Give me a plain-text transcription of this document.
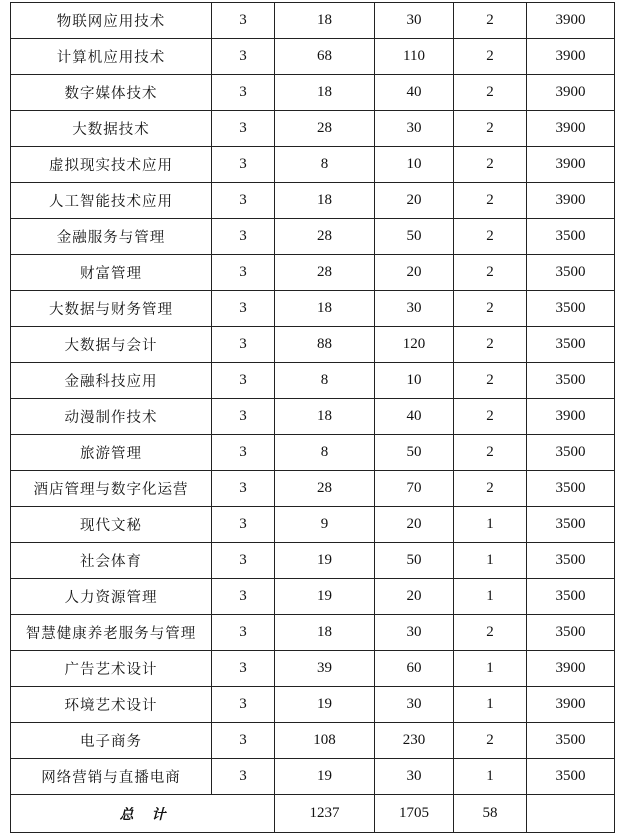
物联网应用技术	3	18	30	2	3900
计算机应用技术	3	68	110	2	3900
数字媒体技术	3	18	40	2	3900
大数据技术	3	28	30	2	3900
虚拟现实技术应用	3	8	10	2	3900
人工智能技术应用	3	18	20	2	3900
金融服务与管理	3	28	50	2	3500
财富管理	3	28	20	2	3500
大数据与财务管理	3	18	30	2	3500
大数据与会计	3	88	120	2	3500
金融科技应用	3	8	10	2	3500
动漫制作技术	3	18	40	2	3900
旅游管理	3	8	50	2	3500
酒店管理与数字化运营	3	28	70	2	3500
现代文秘	3	9	20	1	3500
社会体育	3	19	50	1	3500
人力资源管理	3	19	20	1	3500
智慧健康养老服务与管理	3	18	30	2	3500
广告艺术设计	3	39	60	1	3900
环境艺术设计	3	19	30	1	3900
电子商务	3	108	230	2	3500
网络营销与直播电商	3	19	30	1	3500
总计		1237	1705	58	
